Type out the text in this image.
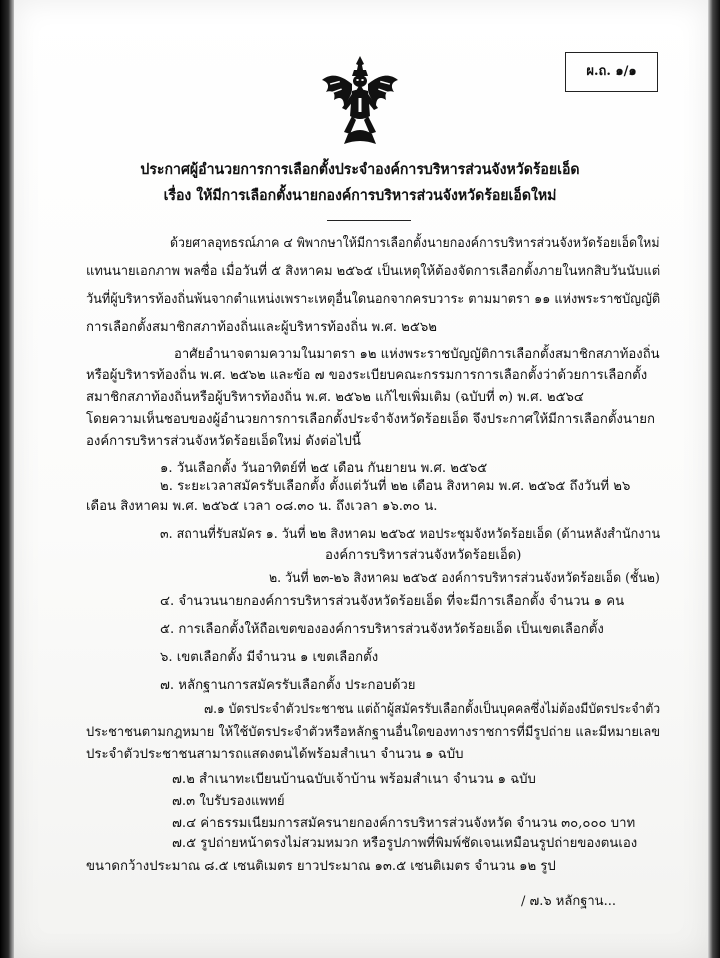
ผ.ถ. ๑/๑
ประกาศผู้อำนวยการการเลือกตั้งประจำองค์การบริหารส่วนจังหวัดร้อยเอ็ด
เรื่อง ให้มีการเลือกตั้งนายกองค์การบริหารส่วนจังหวัดร้อยเอ็ดใหม่
ด้วยศาลอุทธรณ์ภาค ๔ พิพากษาให้มีการเลือกตั้งนายกองค์การบริหารส่วนจังหวัดร้อยเอ็ดใหม่
แทนนายเอกภาพ พลซื่อ เมื่อวันที่ ๕ สิงหาคม ๒๕๖๕ เป็นเหตุให้ต้องจัดการเลือกตั้งภายในหกสิบวันนับแต่
วันที่ผู้บริหารท้องถิ่นพ้นจากตำแหน่งเพราะเหตุอื่นใดนอกจากครบวาระ ตามมาตรา ๑๑ แห่งพระราชบัญญัติ
การเลือกตั้งสมาชิกสภาท้องถิ่นและผู้บริหารท้องถิ่น พ.ศ. ๒๕๖๒
อาศัยอำนาจตามความในมาตรา ๑๒ แห่งพระราชบัญญัติการเลือกตั้งสมาชิกสภาท้องถิ่น
หรือผู้บริหารท้องถิ่น พ.ศ. ๒๕๖๒ และข้อ ๗ ของระเบียบคณะกรรมการการเลือกตั้งว่าด้วยการเลือกตั้ง
สมาชิกสภาท้องถิ่นหรือผู้บริหารท้องถิ่น พ.ศ. ๒๕๖๒ แก้ไขเพิ่มเติม (ฉบับที่ ๓) พ.ศ. ๒๕๖๔
โดยความเห็นชอบของผู้อำนวยการการเลือกตั้งประจำจังหวัดร้อยเอ็ด จึงประกาศให้มีการเลือกตั้งนายก
องค์การบริหารส่วนจังหวัดร้อยเอ็ดใหม่ ดังต่อไปนี้
๑. วันเลือกตั้ง วันอาทิตย์ที่ ๒๕ เดือน กันยายน พ.ศ. ๒๕๖๕
๒. ระยะเวลาสมัครรับเลือกตั้ง ตั้งแต่วันที่ ๒๒ เดือน สิงหาคม พ.ศ. ๒๕๖๕ ถึงวันที่ ๒๖
เดือน สิงหาคม พ.ศ. ๒๕๖๕ เวลา ๐๘.๓๐ น. ถึงเวลา ๑๖.๓๐ น.
๓. สถานที่รับสมัคร ๑. วันที่ ๒๒ สิงหาคม ๒๕๖๕ หอประชุมจังหวัดร้อยเอ็ด (ด้านหลังสำนักงาน
องค์การบริหารส่วนจังหวัดร้อยเอ็ด)
๒. วันที่ ๒๓-๒๖ สิงหาคม ๒๕๖๕ องค์การบริหารส่วนจังหวัดร้อยเอ็ด (ชั้น๒)
๔. จำนวนนายกองค์การบริหารส่วนจังหวัดร้อยเอ็ด ที่จะมีการเลือกตั้ง จำนวน ๑ คน
๕. การเลือกตั้งให้ถือเขตขององค์การบริหารส่วนจังหวัดร้อยเอ็ด เป็นเขตเลือกตั้ง
๖. เขตเลือกตั้ง มีจำนวน ๑ เขตเลือกตั้ง
๗. หลักฐานการสมัครรับเลือกตั้ง ประกอบด้วย
๗.๑ บัตรประจำตัวประชาชน แต่ถ้าผู้สมัครรับเลือกตั้งเป็นบุคคลซึ่งไม่ต้องมีบัตรประจำตัว
ประชาชนตามกฎหมาย ให้ใช้บัตรประจำตัวหรือหลักฐานอื่นใดของทางราชการที่มีรูปถ่าย และมีหมายเลข
ประจำตัวประชาชนสามารถแสดงตนได้พร้อมสำเนา จำนวน ๑ ฉบับ
๗.๒ สำเนาทะเบียนบ้านฉบับเจ้าบ้าน พร้อมสำเนา จำนวน ๑ ฉบับ
๗.๓ ใบรับรองแพทย์
๗.๔ ค่าธรรมเนียมการสมัครนายกองค์การบริหารส่วนจังหวัด จำนวน ๓๐,๐๐๐ บาท
๗.๕ รูปถ่ายหน้าตรงไม่สวมหมวก หรือรูปภาพที่พิมพ์ชัดเจนเหมือนรูปถ่ายของตนเอง
ขนาดกว้างประมาณ ๘.๕ เซนติเมตร ยาวประมาณ ๑๓.๕ เซนติเมตร จำนวน ๑๒ รูป
/ ๗.๖ หลักฐาน...
